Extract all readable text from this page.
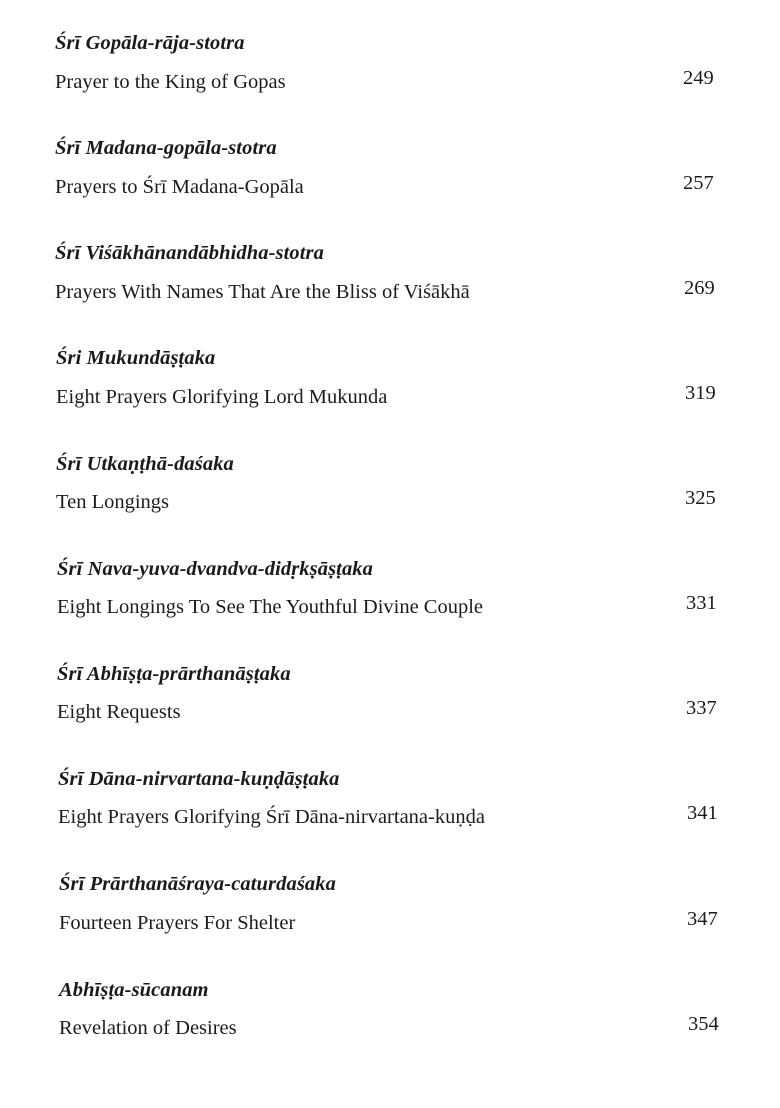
Śrī Gopāla-rāja-stotra
Prayer to the King of Gopas	249
Śrī Madana-gopāla-stotra
Prayers to Śrī Madana-Gopāla	257
Śrī Viśākhānandābhidha-stotra
Prayers With Names That Are the Bliss of Viśākhā	269
Śri Mukundāṣṭaka
Eight Prayers Glorifying Lord Mukunda	319
Śrī Utkaṇṭhā-daśaka
Ten Longings	325
Śrī Nava-yuva-dvandva-didṛkṣāṣṭaka
Eight Longings To See The Youthful Divine Couple	331
Śrī Abhīṣṭa-prārthanāṣṭaka
Eight Requests	337
Śrī Dāna-nirvartana-kuṇḍāṣṭaka
Eight Prayers Glorifying Śrī Dāna-nirvartana-kuṇḍa	341
Śrī Prārthanāśraya-caturdaśaka
Fourteen Prayers For Shelter	347
Abhīṣṭa-sūcanam
Revelation of Desires	354
